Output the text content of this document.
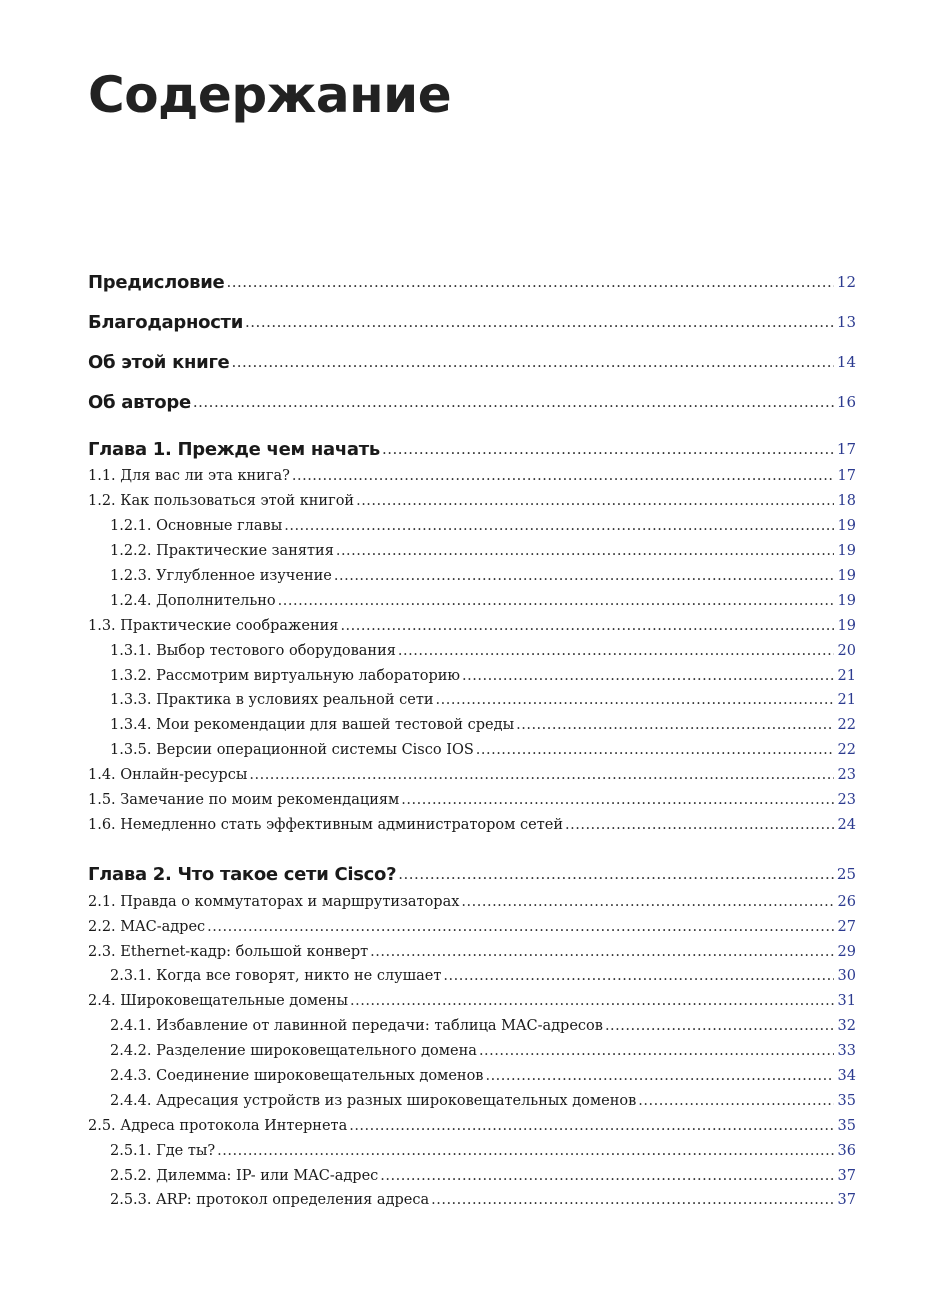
Содержание
Предисловие .....	12
Благодарности .....	13
Об этой книге .....	14
Об авторе .....	16
Глава 1. Прежде чем начать .....	17
1.1. Для вас ли эта книга? .....	17
1.2. Как пользоваться этой книгой .....	18
1.2.1. Основные главы .....	19
1.2.2. Практические занятия .....	19
1.2.3. Углубленное изучение .....	19
1.2.4. Дополнительно .....	19
1.3. Практические соображения .....	19
1.3.1. Выбор тестового оборудования .....	20
1.3.2. Рассмотрим виртуальную лабораторию .....	21
1.3.3. Практика в условиях реальной сети .....	21
1.3.4. Мои рекомендации для вашей тестовой среды .....	22
1.3.5. Версии операционной системы Cisco IOS .....	22
1.4. Онлайн-ресурсы .....	23
1.5. Замечание по моим рекомендациям .....	23
1.6. Немедленно стать эффективным администратором сетей .....	24
Глава 2. Что такое сети Cisco? .....	25
2.1. Правда о коммутаторах и маршрутизаторах .....	26
2.2. MAC-адрес .....	27
2.3. Ethernet-кадр: большой конверт .....	29
2.3.1. Когда все говорят, никто не слушает .....	30
2.4. Широковещательные домены .....	31
2.4.1. Избавление от лавинной передачи: таблица MAC-адресов .....	32
2.4.2. Разделение широковещательного домена .....	33
2.4.3. Соединение широковещательных доменов .....	34
2.4.4. Адресация устройств из разных широковещательных доменов .....	35
2.5. Адреса протокола Интернета .....	35
2.5.1. Где ты? .....	36
2.5.2. Дилемма: IP- или MAC-адрес .....	37
2.5.3. ARP: протокол определения адреса .....	37
